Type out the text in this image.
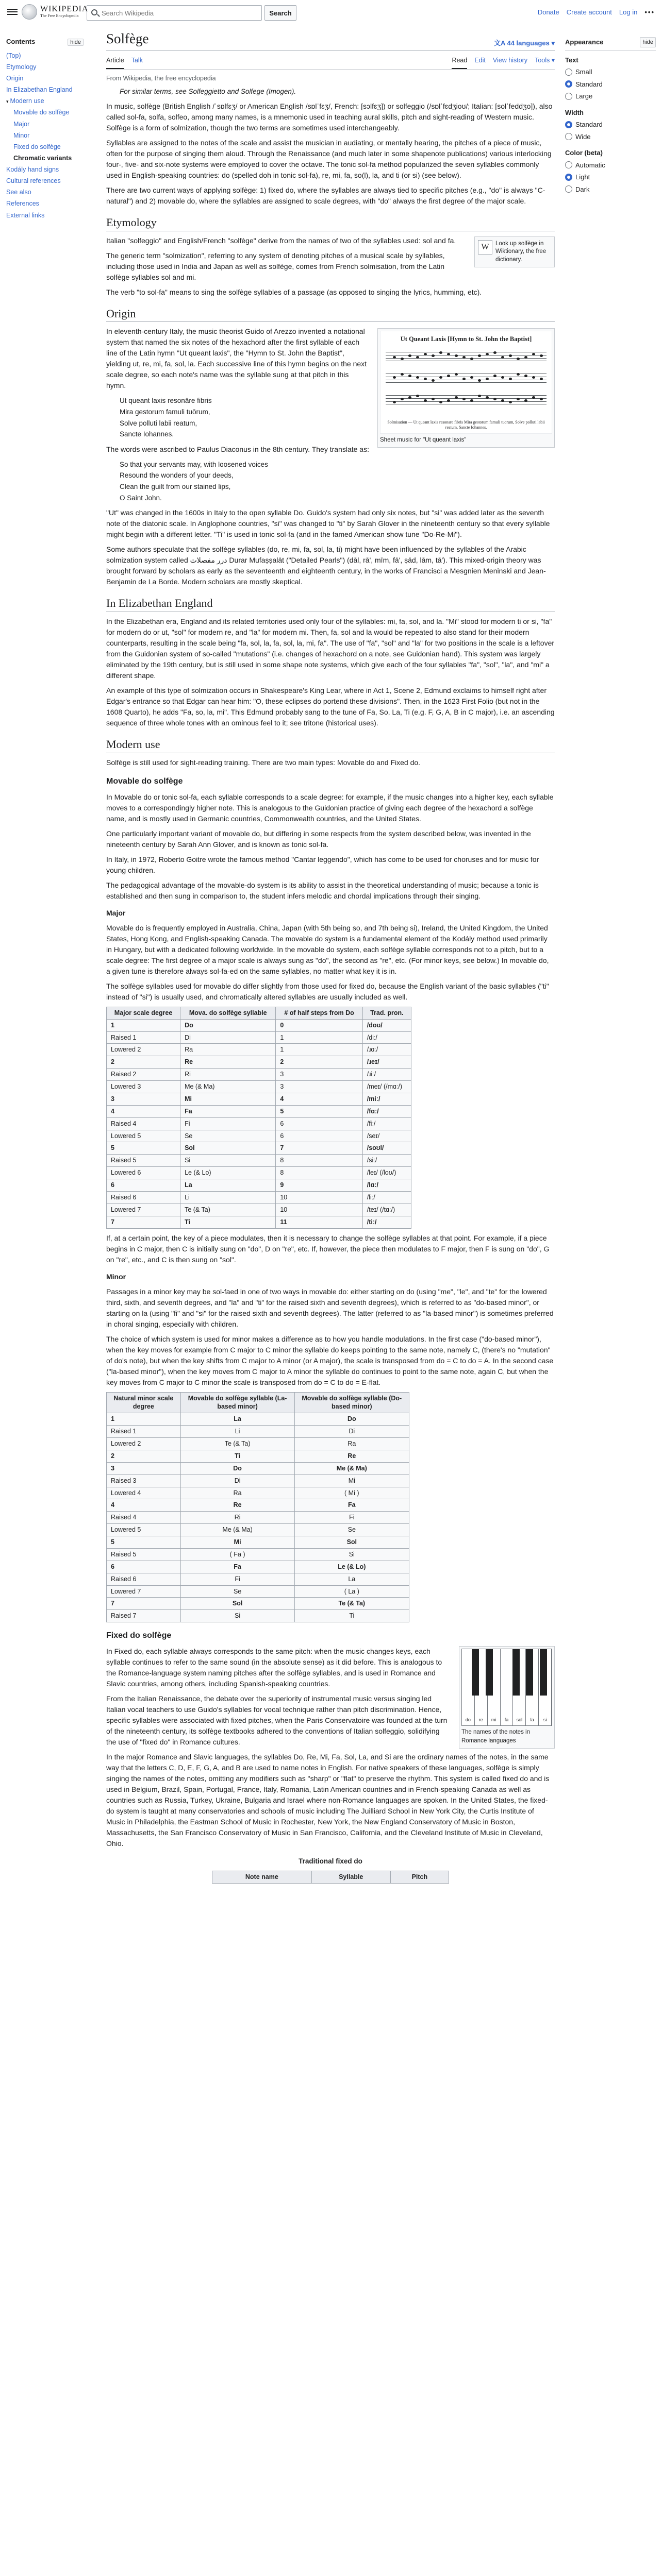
WIKIPEDIA
The Free Encyclopedia
Search Wikipedia	Search	Donate Create account Log in •••
Contents	hide
(Top)
Etymology
Origin
In Elizabethan England
▾ Modern use
Movable do solfège
Major
Minor
Fixed do solfège
Chromatic variants
Kodály hand signs
Cultural references
See also
References
External links
Appearance	hide
Text
Small
Standard
Large
Width
Standard
Wide
Color (beta)
Automatic
Light
Dark
Solfège	文A 44 languages ▾
Article Talk	Read Edit View history Tools ▾
From Wikipedia, the free encyclopedia
For similar terms, see Solfeggietto and Solfege (Imogen).

In music, solfège (British English /ˈsɒlfɛʒ/ or American English /sɒlˈfɛʒ/, French: [sɔlfɛʒ]) or solfeggio (/sɒlˈfɛdʒioʊ/; Italian: [solˈfeddʒo]), also called sol-fa, solfa, solfeo, among many names, is a mnemonic used in teaching aural skills, pitch and sight-reading of Western music. Solfège is a form of solmization, though the two terms are sometimes used interchangeably.

Syllables are assigned to the notes of the scale and assist the musician in audiating, or mentally hearing, the pitches of a piece of music, often for the purpose of singing them aloud. Through the Renaissance (and much later in some shapenote publications) various interlocking four-, five- and six-note systems were employed to cover the octave. The tonic sol-fa method popularized the seven syllables commonly used in English-speaking countries: do (spelled doh in tonic sol-fa), re, mi, fa, so(l), la, and ti (or si) (see below).

There are two current ways of applying solfège: 1) fixed do, where the syllables are always tied to specific pitches (e.g., "do" is always "C-natural") and 2) movable do, where the syllables are assigned to scale degrees, with "do" always the first degree of the major scale.

Etymology
W	Look up solfège in Wiktionary, the free dictionary.

Italian "solfeggio" and English/French "solfège" derive from the names of two of the syllables used: sol and fa.

The generic term "solmization", referring to any system of denoting pitches of a musical scale by syllables, including those used in India and Japan as well as solfège, comes from French solmisation, from the Latin solfège syllables sol and mi.

The verb "to sol-fa" means to sing the solfège syllables of a passage (as opposed to singing the lyrics, humming, etc).

Origin
Ut Queant Laxis [Hymn to St. John the Baptist]
Solmisation — Ut queant laxis resonare fibris Mira gestorum famuli tuorum, Solve polluti labii reatum, Sancte Iohannes.
Sheet music for "Ut queant laxis"

In eleventh-century Italy, the music theorist Guido of Arezzo invented a notational system that named the six notes of the hexachord after the first syllable of each line of the Latin hymn "Ut queant laxis", the "Hymn to St. John the Baptist", yielding ut, re, mi, fa, sol, la. Each successive line of this hymn begins on the next scale degree, so each note's name was the syllable sung at that pitch in this hymn.

Ut queant laxis resonāre fibris
Mira gestorum famuli tuōrum,
Solve polluti labii reatum,
Sancte Iohannes.

The words were ascribed to Paulus Diaconus in the 8th century. They translate as:

So that your servants may, with loosened voices
Resound the wonders of your deeds,
Clean the guilt from our stained lips,
O Saint John.

"Ut" was changed in the 1600s in Italy to the open syllable Do. Guido's system had only six notes, but "si" was added later as the seventh note of the diatonic scale. In Anglophone countries, "si" was changed to "ti" by Sarah Glover in the nineteenth century so that every syllable might begin with a different letter. "Ti" is used in tonic sol-fa (and in the famed American show tune "Do-Re-Mi").

Some authors speculate that the solfège syllables (do, re, mi, fa, sol, la, ti) might have been influenced by the syllables of the Arabic solmization system called درر مفصلات Durar Mufaṣṣalāt ("Detailed Pearls") (dāl, rā', mīm, fā', ṣād, lām, tā'). This mixed-origin theory was brought forward by scholars as early as the seventeenth and eighteenth century, in the works of Francisci a Mesgnien Meninski and Jean-Benjamin de La Borde. Modern scholars are mostly skeptical.

In Elizabethan England

In the Elizabethan era, England and its related territories used only four of the syllables: mi, fa, sol, and la. "Mi" stood for modern ti or si, "fa" for modern do or ut, "sol" for modern re, and "la" for modern mi. Then, fa, sol and la would be repeated to also stand for their modern counterparts, resulting in the scale being "fa, sol, la, fa, sol, la, mi, fa". The use of "fa", "sol" and "la" for two positions in the scale is a leftover from the Guidonian system of so-called "mutations" (i.e. changes of hexachord on a note, see Guidonian hand). This system was largely eliminated by the 19th century, but is still used in some shape note systems, which give each of the four syllables "fa", "sol", "la", and "mi" a different shape.

An example of this type of solmization occurs in Shakespeare's King Lear, where in Act 1, Scene 2, Edmund exclaims to himself right after Edgar's entrance so that Edgar can hear him: "O, these eclipses do portend these divisions". Then, in the 1623 First Folio (but not in the 1608 Quarto), he adds "Fa, so, la, mi". This Edmund probably sang to the tune of Fa, So, La, Ti (e.g. F, G, A, B in C major), i.e. an ascending sequence of three whole tones with an ominous feel to it; see tritone (historical uses).

Modern use

Solfège is still used for sight-reading training. There are two main types: Movable do and Fixed do.

Movable do solfège

In Movable do or tonic sol-fa, each syllable corresponds to a scale degree: for example, if the music changes into a higher key, each syllable moves to a correspondingly higher note. This is analogous to the Guidonian practice of giving each degree of the hexachord a solfège name, and is mostly used in Germanic countries, Commonwealth countries, and the United States.

One particularly important variant of movable do, but differing in some respects from the system described below, was invented in the nineteenth century by Sarah Ann Glover, and is known as tonic sol-fa.

In Italy, in 1972, Roberto Goitre wrote the famous method "Cantar leggendo", which has come to be used for choruses and for music for young children.

The pedagogical advantage of the movable-do system is its ability to assist in the theoretical understanding of music; because a tonic is established and then sung in comparison to, the student infers melodic and chordal implications through their singing.

Major

Movable do is frequently employed in Australia, China, Japan (with 5th being so, and 7th being si), Ireland, the United Kingdom, the United States, Hong Kong, and English-speaking Canada. The movable do system is a fundamental element of the Kodály method used primarily in Hungary, but with a dedicated following worldwide. In the movable do system, each solfège syllable corresponds not to a pitch, but to a scale degree: The first degree of a major scale is always sung as "do", the second as "re", etc. (For minor keys, see below.) In movable do, a given tune is therefore always sol-fa-ed on the same syllables, no matter what key it is in.

The solfège syllables used for movable do differ slightly from those used for fixed do, because the English variant of the basic syllables ("ti" instead of "si") is usually used, and chromatically altered syllables are usually included as well.

Major scale degree	Mova. do solfège syllable	# of half steps from Do	Trad. pron.
1	Do	0	/doʊ/
Raised 1	Di	1	/diː/
Lowered 2	Ra	1	/ɹɑː/
2	Re	2	/ɹeɪ/
Raised 2	Ri	3	/ɹiː/
Lowered 3	Me (& Ma)	3	/meɪ/ (/mɑː/)
3	Mi	4	/miː/
4	Fa	5	/fɑː/
Raised 4	Fi	6	/fiː/
Lowered 5	Se	6	/seɪ/
5	Sol	7	/soʊl/
Raised 5	Si	8	/siː/
Lowered 6	Le (& Lo)	8	/leɪ/ (/loʊ/)
6	La	9	/lɑː/
Raised 6	Li	10	/liː/
Lowered 7	Te (& Ta)	10	/teɪ/ (/tɑː/)
7	Ti	11	/tiː/

If, at a certain point, the key of a piece modulates, then it is necessary to change the solfège syllables at that point. For example, if a piece begins in C major, then C is initially sung on "do", D on "re", etc. If, however, the piece then modulates to F major, then F is sung on "do", G on "re", etc., and C is then sung on "sol".

Minor

Passages in a minor key may be sol-faed in one of two ways in movable do: either starting on do (using "me", "le", and "te" for the lowered third, sixth, and seventh degrees, and "la" and "ti" for the raised sixth and seventh degrees), which is referred to as "do-based minor", or starting on la (using "fi" and "si" for the raised sixth and seventh degrees). The latter (referred to as "la-based minor") is sometimes preferred in choral singing, especially with children.

The choice of which system is used for minor makes a difference as to how you handle modulations. In the first case ("do-based minor"), when the key moves for example from C major to C minor the syllable do keeps pointing to the same note, namely C, (there's no "mutation" of do's note), but when the key shifts from C major to A minor (or A major), the scale is transposed from do = C to do = A. In the second case ("la-based minor"), when the key moves from C major to A minor the syllable do continues to point to the same note, again C, but when the key moves from C major to C minor the scale is transposed from do = C to do = E-flat.

Natural minor scale degree	Movable do solfège syllable (La-based minor)	Movable do solfège syllable (Do-based minor)
1	La	Do
Raised 1	Li	Di
Lowered 2	Te (& Ta)	Ra
2	Ti	Re
3	Do	Me (& Ma)
Raised 3	Di	Mi
Lowered 4	Ra	( Mi )
4	Re	Fa
Raised 4	Ri	Fi
Lowered 5	Me (& Ma)	Se
5	Mi	Sol
Raised 5	( Fa )	Si
6	Fa	Le (& Lo)
Raised 6	Fi	La
Lowered 7	Se	( La )
7	Sol	Te (& Ta)
Raised 7	Si	Ti
Fixed do solfège
do	re	mi	fa	sol	la	si
The names of the notes in Romance languages

In Fixed do, each syllable always corresponds to the same pitch: when the music changes keys, each syllable continues to refer to the same sound (in the absolute sense) as it did before. This is analogous to the Romance-language system naming pitches after the solfège syllables, and is used in Romance and Slavic countries, among others, including Spanish-speaking countries.

From the Italian Renaissance, the debate over the superiority of instrumental music versus singing led Italian vocal teachers to use Guido's syllables for vocal technique rather than pitch discrimination. Hence, specific syllables were associated with fixed pitches, when the Paris Conservatoire was founded at the turn of the nineteenth century, its solfège textbooks adhered to the conventions of Italian solfeggio, solidifying the use of "fixed do" in Romance cultures.

In the major Romance and Slavic languages, the syllables Do, Re, Mi, Fa, Sol, La, and Si are the ordinary names of the notes, in the same way that the letters C, D, E, F, G, A, and B are used to name notes in English. For native speakers of these languages, solfège is simply singing the names of the notes, omitting any modifiers such as "sharp" or "flat" to preserve the rhythm. This system is called fixed do and is used in Belgium, Brazil, Spain, Portugal, France, Italy, Romania, Latin American countries and in French-speaking Canada as well as countries such as Russia, Turkey, Ukraine, Bulgaria and Israel where non-Romance languages are spoken. In the United States, the fixed-do system is taught at many conservatories and schools of music including The Juilliard School in New York City, the Curtis Institute of Music in Philadelphia, the Eastman School of Music in Rochester, New York, the New England Conservatory of Music in Boston, Massachusetts, the San Francisco Conservatory of Music in San Francisco, California, and the Cleveland Institute of Music in Cleveland, Ohio.

Traditional fixed do
Note name	Syllable	Pitch
